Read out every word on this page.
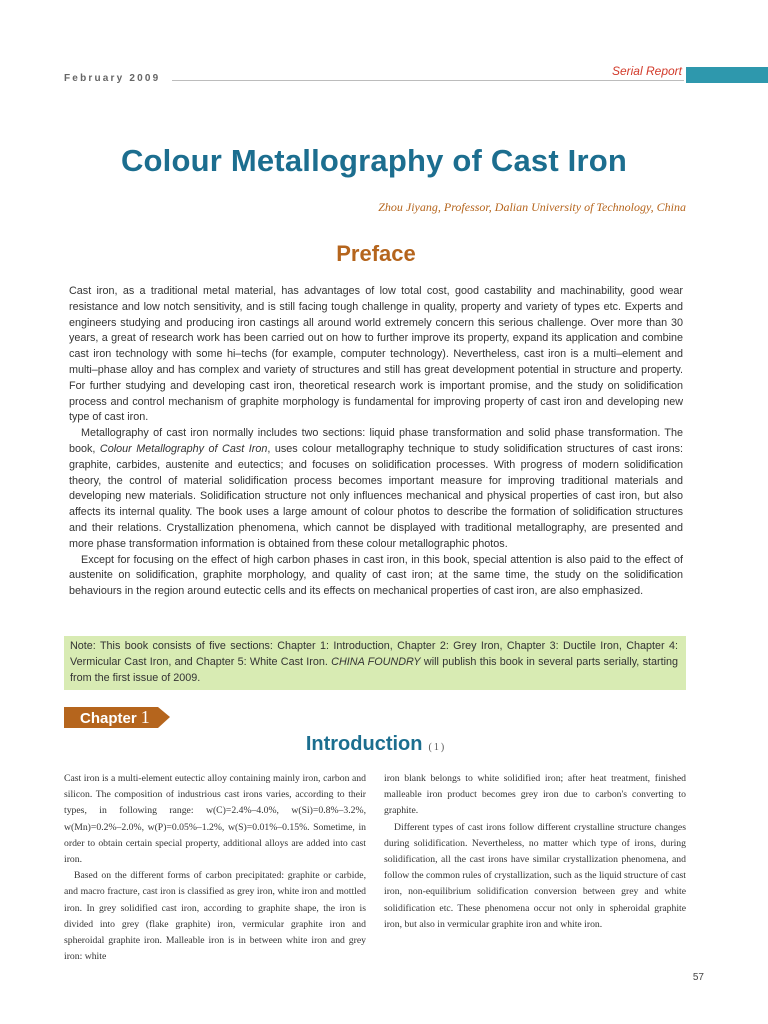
February 2009
Serial Report
Colour Metallography of Cast Iron
Zhou Jiyang, Professor, Dalian University of Technology, China
Preface

Cast iron, as a traditional metal material, has advantages of low total cost, good castability and machinability, good wear resistance and low notch sensitivity, and is still facing tough challenge in quality, property and variety of types etc. Experts and engineers studying and producing iron castings all around world extremely concern this serious challenge. Over more than 30 years, a great of research work has been carried out on how to further improve its property, expand its application and combine cast iron technology with some hi–techs (for example, computer technology). Nevertheless, cast iron is a multi–element and multi–phase alloy and has complex and variety of structures and still has great development potential in structure and property. For further studying and developing cast iron, theoretical research work is important promise, and the study on solidification process and control mechanism of graphite morphology is fundamental for improving property of cast iron and developing new type of cast iron.

Metallography of cast iron normally includes two sections: liquid phase transformation and solid phase transformation. The book, Colour Metallography of Cast Iron, uses colour metallography technique to study solidification structures of cast irons: graphite, carbides, austenite and eutectics; and focuses on solidification processes. With progress of modern solidification theory, the control of material solidification process becomes important measure for improving traditional materials and developing new materials. Solidification structure not only influences mechanical and physical properties of cast iron, but also affects its internal quality. The book uses a large amount of colour photos to describe the formation of solidification structures and their relations. Crystallization phenomena, which cannot be displayed with traditional metallography, are presented and more phase transformation information is obtained from these colour metallographic photos.

Except for focusing on the effect of high carbon phases in cast iron, in this book, special attention is also paid to the effect of austenite on solidification, graphite morphology, and quality of cast iron; at the same time, the study on the solidification behaviours in the region around eutectic cells and its effects on mechanical properties of cast iron, are also emphasized.

Note: This book consists of five sections: Chapter 1: Introduction, Chapter 2: Grey Iron, Chapter 3: Ductile Iron, Chapter 4: Vermicular Cast Iron, and Chapter 5: White Cast Iron. CHINA FOUNDRY will publish this book in several parts serially, starting from the first issue of 2009.
Chapter 1
Introduction (1)

Cast iron is a multi-element eutectic alloy containing mainly iron, carbon and silicon. The composition of industrious cast irons varies, according to their types, in following range: w(C)=2.4%–4.0%, w(Si)=0.8%–3.2%, w(Mn)=0.2%–2.0%, w(P)=0.05%–1.2%, w(S)=0.01%–0.15%. Sometime, in order to obtain certain special property, additional alloys are added into cast iron.

Based on the different forms of carbon precipitated: graphite or carbide, and macro fracture, cast iron is classified as grey iron, white iron and mottled iron. In grey solidified cast iron, according to graphite shape, the iron is divided into grey (flake graphite) iron, vermicular graphite iron and spheroidal graphite iron. Malleable iron is in between white iron and grey iron: white

iron blank belongs to white solidified iron; after heat treatment, finished malleable iron product becomes grey iron due to carbon's converting to graphite.

Different types of cast irons follow different crystalline structure changes during solidification. Nevertheless, no matter which type of irons, during solidification, all the cast irons have similar crystallization phenomena, and follow the common rules of crystallization, such as the liquid structure of cast iron, non-equilibrium solidification conversion between grey and white solidification etc. These phenomena occur not only in spheroidal graphite iron, but also in vermicular graphite iron and white iron.

57
